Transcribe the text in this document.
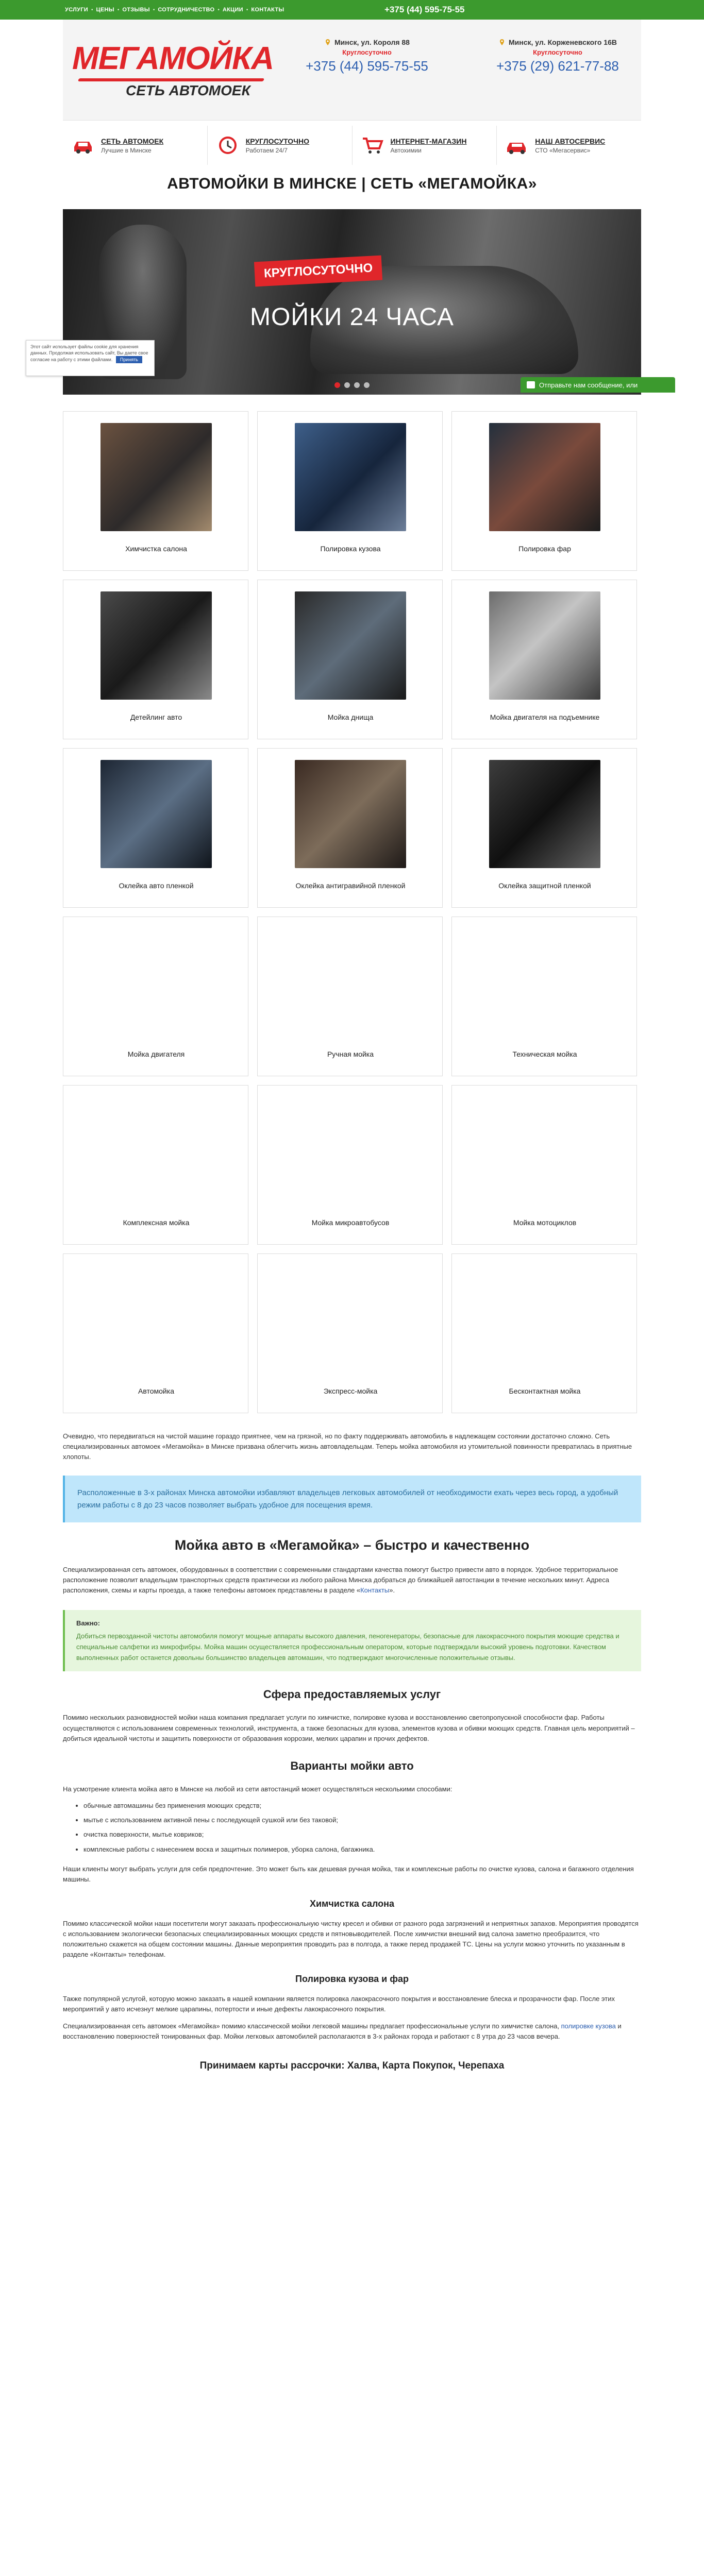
УСЛУГИ • ЦЕНЫ • ОТЗЫВЫ • СОТРУДНИЧЕСТВО • АКЦИИ • КОНТАКТЫ	+375 (44) 595-75-55
МЕГАМОЙКА
СЕТЬ АВТОМОЕК
Минск, ул. Короля 88
Круглосуточно
+375 (44) 595-75-55
Минск, ул. Корженевского 16В
Круглосуточно
+375 (29) 621-77-88
СЕТЬ АВТОМОЕК
Лучшие в Минске
КРУГЛОСУТОЧНО
Работаем 24/7
ИНТЕРНЕТ-МАГАЗИН
Автохимии
НАШ АВТОСЕРВИС
СТО «Мегасервис»
АВТОМОЙКИ В МИНСКЕ | СЕТЬ «МЕГАМОЙКА»
КРУГЛОСУТОЧНО
МОЙКИ 24 ЧАСА
Этот сайт использует файлы cookie для хранения данных. Продолжая использовать сайт, Вы даете свое согласие на работу с этими файлами. Принять
Отправьте нам сообщение, или
Химчистка салона	Полировка кузова	Полировка фар
Детейлинг авто	Мойка днища	Мойка двигателя на подъемнике
Оклейка авто пленкой	Оклейка антигравийной пленкой	Оклейка защитной пленкой
Мойка двигателя	Ручная мойка	Техническая мойка
Комплексная мойка	Мойка микроавтобусов	Мойка мотоциклов
Автомойка	Экспресс-мойка	Бесконтактная мойка

Очевидно, что передвигаться на чистой машине гораздо приятнее, чем на грязной, но по факту поддерживать автомобиль в надлежащем состоянии достаточно сложно. Сеть специализированных автомоек «Мегамойка» в Минске призвана облегчить жизнь автовладельцам. Теперь мойка автомобиля из утомительной повинности превратилась в приятные хлопоты.

Расположенные в 3-х районах Минска автомойки избавляют владельцев легковых автомобилей от необходимости ехать через весь город, а удобный режим работы с 8 до 23 часов позволяет выбрать удобное для посещения время.
Мойка авто в «Мегамойка» – быстро и качественно

Специализированная сеть автомоек, оборудованных в соответствии с современными стандартами качества помогут быстро привести авто в порядок. Удобное территориальное расположение позволит владельцам транспортных средств практически из любого района Минска добраться до ближайшей автостанции в течение нескольких минут. Адреса расположения, схемы и карты проезда, а также телефоны автомоек представлены в разделе «Контакты».

Важно:
Добиться первозданной чистоты автомобиля помогут мощные аппараты высокого давления, пеногенераторы, безопасные для лакокрасочного покрытия моющие средства и специальные салфетки из микрофибры. Мойка машин осуществляется профессиональным оператором, которые подтверждали высокий уровень подготовки. Качеством выполненных работ останется довольны большинство владельцев автомашин, что подтверждают многочисленные положительные отзывы.
Сфера предоставляемых услуг

Помимо нескольких разновидностей мойки наша компания предлагает услуги по химчистке, полировке кузова и восстановлению светопропускной способности фар. Работы осуществляются с использованием современных технологий, инструмента, а также безопасных для кузова, элементов кузова и обивки моющих средств. Главная цель мероприятий – добиться идеальной чистоты и защитить поверхности от образования коррозии, мелких царапин и прочих дефектов.

Варианты мойки авто

На усмотрение клиента мойка авто в Минске на любой из сети автостанций может осуществляться несколькими способами:

• обычные автомашины без применения моющих средств;
• мытье с использованием активной пены с последующей сушкой или без таковой;
• очистка поверхности, мытье ковриков;
• комплексные работы с нанесением воска и защитных полимеров, уборка салона, багажника.

Наши клиенты могут выбрать услуги для себя предпочтение. Это может быть как дешевая ручная мойка, так и комплексные работы по очистке кузова, салона и багажного отделения машины.

Химчистка салона

Помимо классической мойки наши посетители могут заказать профессиональную чистку кресел и обивки от разного рода загрязнений и неприятных запахов. Мероприятия проводятся с использованием экологически безопасных специализированных моющих средств и пятновыводителей. После химчистки внешний вид салона заметно преобразится, что положительно скажется на общем состоянии машины. Данные мероприятия проводить раз в полгода, а также перед продажей ТС. Цены на услуги можно уточнить по указанным в разделе «Контакты» телефонам.

Полировка кузова и фар

Также популярной услугой, которую можно заказать в нашей компании является полировка лакокрасочного покрытия и восстановление блеска и прозрачности фар. После этих мероприятий у авто исчезнут мелкие царапины, потертости и иные дефекты лакокрасочного покрытия.

Специализированная сеть автомоек «Мегамойка» помимо классической мойки легковой машины предлагает профессиональные услуги по химчистке салона, полировке кузова и восстановлению поверхностей тонированных фар. Мойки легковых автомобилей располагаются в 3-х районах города и работают с 8 утра до 23 часов вечера.

Принимаем карты рассрочки: Халва, Карта Покупок, Черепаха
